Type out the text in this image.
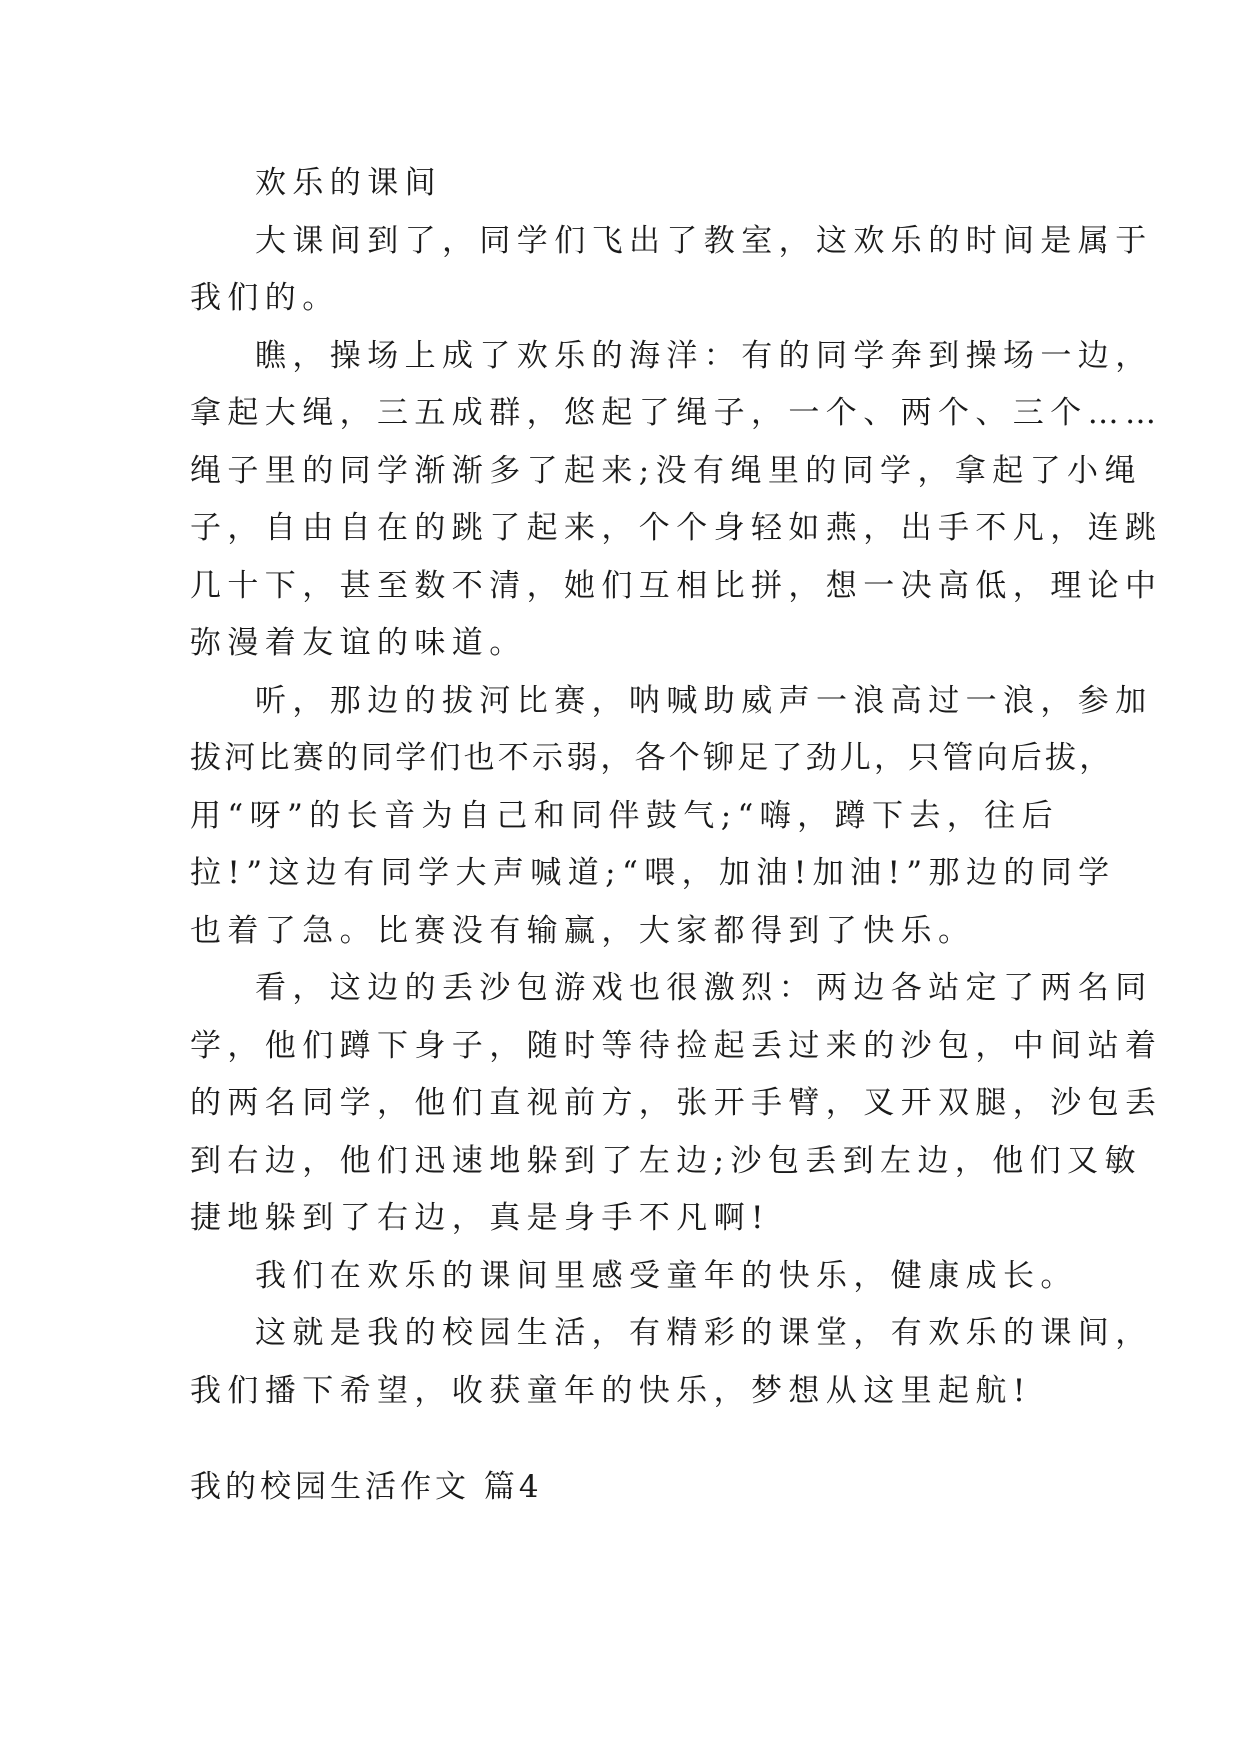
欢乐的课间
大课间到了，同学们飞出了教室，这欢乐的时间是属于
我们的。
瞧，操场上成了欢乐的海洋：有的同学奔到操场一边，
拿起大绳，三五成群，悠起了绳子，一个、两个、三个……
绳子里的同学渐渐多了起来;没有绳里的同学，拿起了小绳
子，自由自在的跳了起来，个个身轻如燕，出手不凡，连跳
几十下，甚至数不清，她们互相比拼，想一决高低，理论中
弥漫着友谊的味道。
听，那边的拔河比赛，呐喊助威声一浪高过一浪，参加
拔河比赛的同学们也不示弱，各个铆足了劲儿，只管向后拔，
用“呀”的长音为自己和同伴鼓气;“嗨，蹲下去，往后
拉!”这边有同学大声喊道;“喂，加油!加油!”那边的同学
也着了急。比赛没有输赢，大家都得到了快乐。
看，这边的丢沙包游戏也很激烈：两边各站定了两名同
学，他们蹲下身子，随时等待捡起丢过来的沙包，中间站着
的两名同学，他们直视前方，张开手臂，叉开双腿，沙包丢
到右边，他们迅速地躲到了左边;沙包丢到左边，他们又敏
捷地躲到了右边，真是身手不凡啊!
我们在欢乐的课间里感受童年的快乐，健康成长。
这就是我的校园生活，有精彩的课堂，有欢乐的课间，
我们播下希望，收获童年的快乐，梦想从这里起航!
我的校园生活作文 篇4
